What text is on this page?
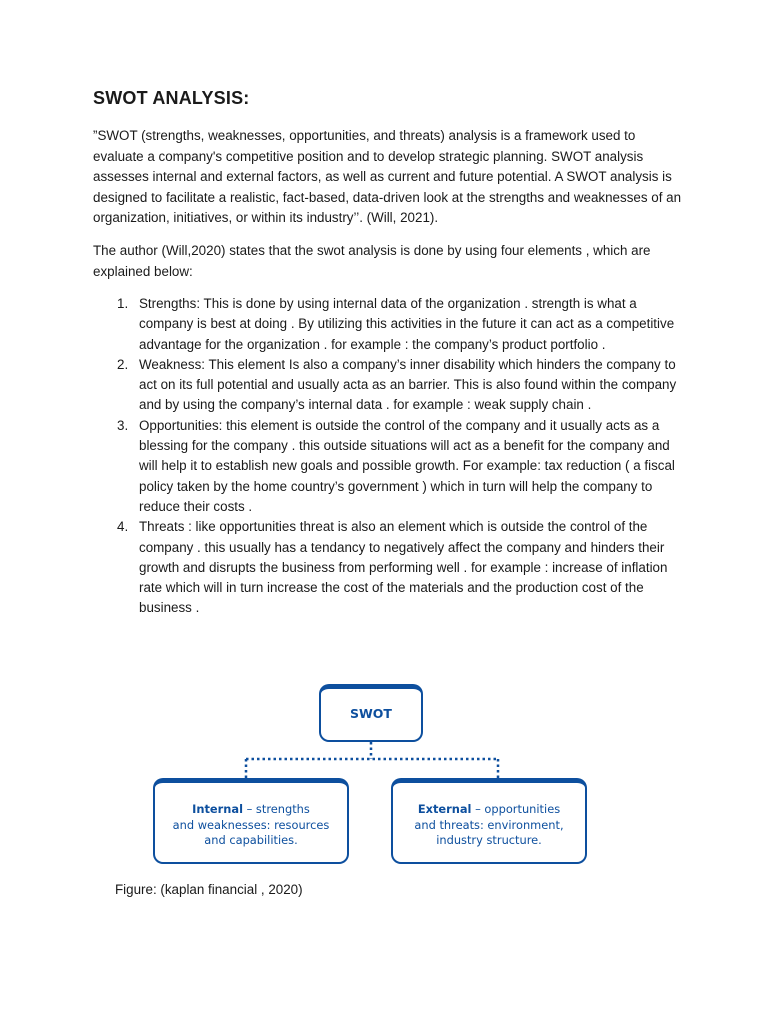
SWOT ANALYSIS:

”SWOT (strengths, weaknesses, opportunities, and threats) analysis is a framework used to evaluate a company's competitive position and to develop strategic planning. SWOT analysis assesses internal and external factors, as well as current and future potential. A SWOT analysis is designed to facilitate a realistic, fact-based, data-driven look at the strengths and weaknesses of an organization, initiatives, or within its industry’’. (Will, 2021).

The author (Will,2020) states that the swot analysis is done by using four elements , which are explained below:

1. Strengths: This is done by using internal data of the organization . strength is what a company is best at doing . By utilizing this activities in the future it can act as a competitive advantage for the organization . for example : the company’s product portfolio .
2. Weakness: This element Is also a company’s inner disability which hinders the company to act on its full potential and usually acta as an barrier. This is also found within the company and by using the company’s internal data . for example : weak supply chain .
3. Opportunities: this element is outside the control of the company and it usually acts as a blessing for the company . this outside situations will act as a benefit for the company and will help it to establish new goals and possible growth. For example: tax reduction ( a fiscal policy taken by the home country’s government ) which in turn will help the company to reduce their costs .
4. Threats : like opportunities threat is also an element which is outside the control of the company . this usually has a tendancy to negatively affect the company and hinders their growth and disrupts the business from performing well . for example : increase of inflation rate which will in turn increase the cost of the materials and the production cost of the business .
SWOT
Internal – strengths
and weaknesses: resources
and capabilities.
External – opportunities
and threats: environment,
industry structure.

Figure: (kaplan financial , 2020)
